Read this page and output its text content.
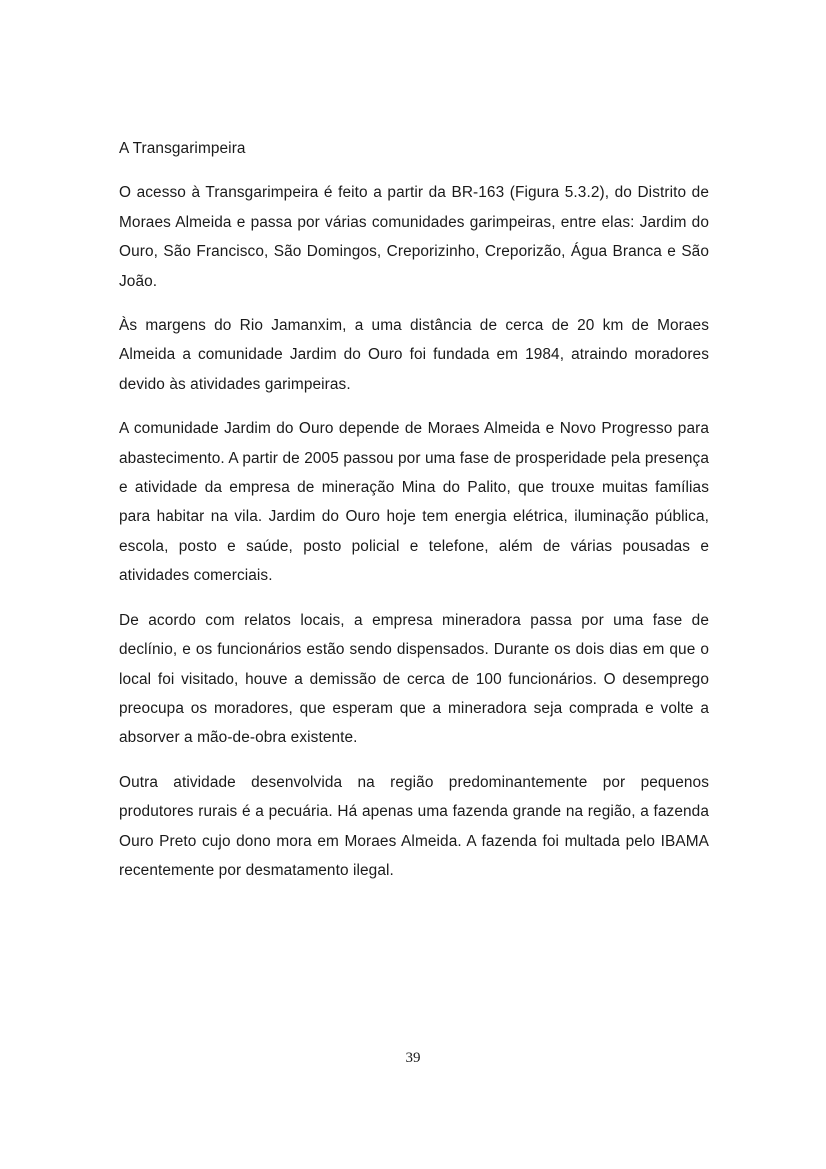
A Transgarimpeira

O acesso à Transgarimpeira é feito a partir da BR-163 (Figura 5.3.2), do Distrito de Moraes Almeida e passa por várias comunidades garimpeiras, entre elas: Jardim do Ouro, São Francisco, São Domingos, Creporizinho, Creporizão, Água Branca e São João.

Às margens do Rio Jamanxim, a uma distância de cerca de 20 km de Moraes Almeida a comunidade Jardim do Ouro foi fundada em 1984, atraindo moradores devido às atividades garimpeiras.

A comunidade Jardim do Ouro depende de Moraes Almeida e Novo Progresso para abastecimento. A partir de 2005 passou por uma fase de prosperidade pela presença e atividade da empresa de mineração Mina do Palito, que trouxe muitas famílias para habitar na vila. Jardim do Ouro hoje tem energia elétrica, iluminação pública, escola, posto e saúde, posto policial e telefone, além de várias pousadas e atividades comerciais.

De acordo com relatos locais, a empresa mineradora passa por uma fase de declínio, e os funcionários estão sendo dispensados. Durante os dois dias em que o local foi visitado, houve a demissão de cerca de 100 funcionários. O desemprego preocupa os moradores, que esperam que a mineradora seja comprada e volte a absorver a mão-de-obra existente.

Outra atividade desenvolvida na região predominantemente por pequenos produtores rurais é a pecuária. Há apenas uma fazenda grande na região, a fazenda Ouro Preto cujo dono mora em Moraes Almeida. A fazenda foi multada pelo IBAMA recentemente por desmatamento ilegal.

39
